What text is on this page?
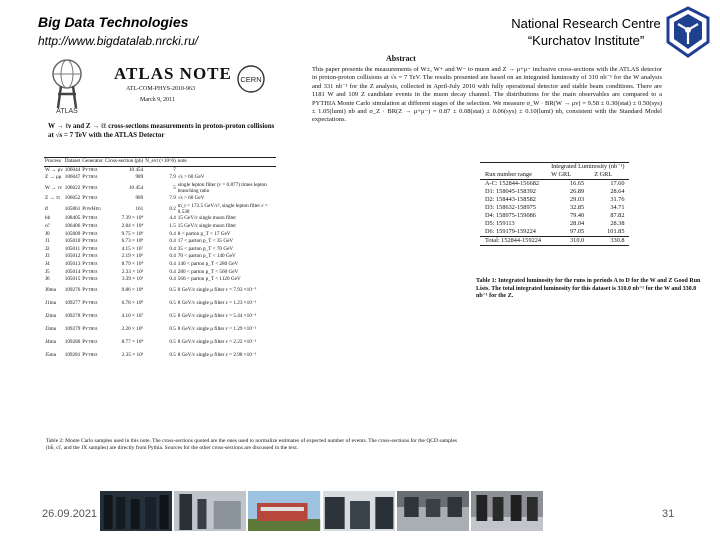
Big Data Technologies
http://www.bigdatalab.nrcki.ru/
National Research Centre
“Kurchatov Institute”
ATLAS
ATLAS NOTE
ATL-COM-PHYS-2010-963
March 9, 2011
CERN
W → ℓν and Z → ℓℓ cross-sections measurements in proton-proton collisions at √s = 7 TeV with the ATLAS Detector
Process	Dataset	Generator	Cross-section (pb)	N_evt (×10^6)	note
W → μν	106044	Pythia	10 454	7	
Z → μμ	106047	Pythia	989	7.9	√s > 60 GeV
W → τν	106022	Pythia	10 454	5	single lepton filter (ε = 0.877) times lepton branching ratio
Z → ττ	106052	Pythia	989	7.9	√s > 60 GeV
tt̄	105861	PowHeg	161	0.2	m_t = 172.5 GeV/c², single lepton filter ε = 0.538
bb̄	108405	Pythia	7.39 × 10⁴	4.4	15 GeV/c single muon filter
cc̄	106406	Pythia	2.84 × 10⁴	1.5	15 GeV/c single muon filter
J0	105009	Pythia	9.75 × 10⁹	0.4	8 < parton p_T < 17 GeV
J1	105010	Pythia	6.73 × 10⁸	0.4	17 < parton p_T < 35 GeV
J2	105011	Pythia	4.15 × 10⁷	0.4	35 < parton p_T < 70 GeV
J3	105012	Pythia	2.19 × 10⁶	0.4	70 < parton p_T < 140 GeV
J4	105013	Pythia	8.79 × 10⁴	0.4	140 < parton p_T < 280 GeV
J5	105014	Pythia	2.33 × 10³	0.4	280 < parton p_T < 560 GeV
J6	105015	Pythia	3.39 × 10¹	0.4	560 < parton p_T < 1120 GeV
J0mu	109276	Pythia	9.86 × 10⁹	0.5	8 GeV/c single μ filter ε = 7.93 ×10⁻⁵
J1mu	109277	Pythia	6.78 × 10⁸	0.5	8 GeV/c single μ filter ε = 1.23 ×10⁻³
J2mu	109278	Pythia	4.10 × 10⁷	0.5	8 GeV/c single μ filter ε = 5.44 ×10⁻³
J3mu	109279	Pythia	2.20 × 10⁶	0.5	8 GeV/c single μ filter ε = 1.29 ×10⁻²
J4mu	109280	Pythia	8.77 × 10⁴	0.5	8 GeV/c single μ filter ε = 2.22 ×10⁻²
J5mu	109281	Pythia	2.35 × 10³	0.5	8 GeV/c single μ filter ε = 2.98 ×10⁻²
Table 2: Monte Carlo samples used in this note. The cross-sections quoted are the ones used to normalize estimates of expected number of events. The cross-sections for the QCD samples (bb̄, cc̄, and the JX samples) are directly from Pythia. Sources for the other cross-sections are discussed in the text.
Abstract
This paper presents the measurements of W±, W+ and W− to muon and Z → μ+μ− inclusive cross-sections with the ATLAS detector in proton-proton collisions at √s = 7 TeV. The results presented are based on an integrated luminosity of 310 nb⁻¹ for the W analysis and 331 nb⁻¹ for the Z analysis, collected in April-July 2010 with fully operational detector and stable beam conditions. There are 1181 W and 109 Z candidate events in the muon decay channel. The distributions for the main observables are compared to a PYTHIA Monte Carlo simulation at different stages of the selection. We measure σ_W · BR(W → μν) = 9.58 ± 0.30(stat) ± 0.50(sys) ± 1.05(lumi) nb and σ_Z · BR(Z → μ+μ−) = 0.87 ± 0.08(stat) ± 0.06(sys) ± 0.10(lumi) nb, consistent with the Standard Model expectations.
	Integrated Luminosity (nb⁻¹)	
Run number range	W GRL	Z GRL
A-C: 152844-156682	16.65	17.60
D1: 158045-158392	26.89	28.64
D2: 158443-158582	29.03	31.76
D3: 158632-158975	32.85	34.71
D4: 158975-159086	79.40	87.82
D5: 159113	28.04	28.38
D6: 159179-159224	97.05	101.85
Total: 152844-159224	310.0	330.8
Table 1: Integrated luminosity for the runs in periods A to D for the W and Z Good Run Lists. The total integrated luminosity for this dataset is 310.0 nb⁻¹ for the W and 330.8 nb⁻¹ for the Z.
26.09.2021	31
